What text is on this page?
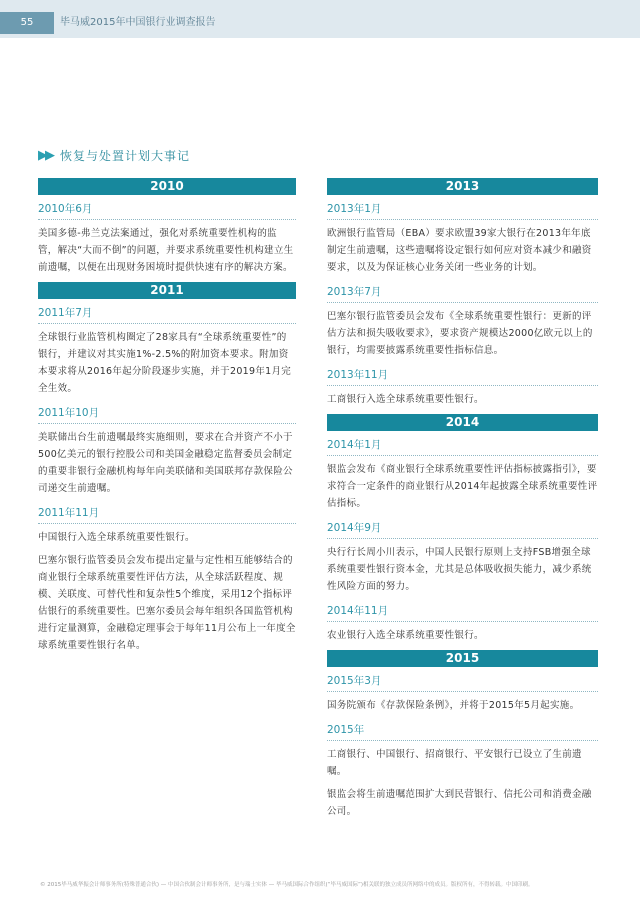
55	毕马威2015年中国银行业调查报告
▶▶ 恢复与处置计划大事记
2010
2010年6月
美国多德-弗兰克法案通过，强化对系统重要性机构的监管，解决“大而不倒”的问题，并要求系统重要性机构建立生前遗嘱，以便在出现财务困境时提供快速有序的解决方案。
2011
2011年7月
全球银行业监管机构圈定了28家具有“全球系统重要性”的银行，并建议对其实施1%-2.5%的附加资本要求。附加资本要求将从2016年起分阶段逐步实施，并于2019年1月完全生效。
2011年10月
美联储出台生前遗嘱最终实施细则，要求在合并资产不小于500亿美元的银行控股公司和美国金融稳定监督委员会制定的重要非银行金融机构每年向美联储和美国联邦存款保险公司递交生前遗嘱。
2011年11月
中国银行入选全球系统重要性银行。
巴塞尔银行监管委员会发布提出定量与定性相互能够结合的商业银行全球系统重要性评估方法，从全球活跃程度、规模、关联度、可替代性和复杂性5个维度，采用12个指标评估银行的系统重要性。巴塞尔委员会每年组织各国监管机构进行定量测算，金融稳定理事会于每年11月公布上一年度全球系统重要性银行名单。
2013
2013年1月
欧洲银行监管局（EBA）要求欧盟39家大银行在2013年年底制定生前遗嘱，这些遗嘱将设定银行如何应对资本减少和融资要求，以及为保证核心业务关闭一些业务的计划。
2013年7月
巴塞尔银行监管委员会发布《全球系统重要性银行：更新的评估方法和损失吸收要求》，要求资产规模达2000亿欧元以上的银行，均需要披露系统重要性指标信息。
2013年11月
工商银行入选全球系统重要性银行。
2014
2014年1月
银监会发布《商业银行全球系统重要性评估指标披露指引》，要求符合一定条件的商业银行从2014年起披露全球系统重要性评估指标。
2014年9月
央行行长周小川表示，中国人民银行原则上支持FSB增强全球系统重要性银行资本金，尤其是总体吸收损失能力，减少系统性风险方面的努力。
2014年11月
农业银行入选全球系统重要性银行。
2015
2015年3月
国务院颁布《存款保险条例》，并将于2015年5月起实施。
2015年
工商银行、中国银行、招商银行、平安银行已设立了生前遗嘱。
银监会将生前遗嘱范围扩大到民营银行、信托公司和消费金融公司。
© 2015毕马威华振会计师事务所(特殊普通合伙) — 中国合伙制会计师事务所，是与瑞士实体 — 毕马威国际合作组织(“毕马威国际”)相关联的独立成员所网络中的成员。版权所有，不得转载。中国印刷。
